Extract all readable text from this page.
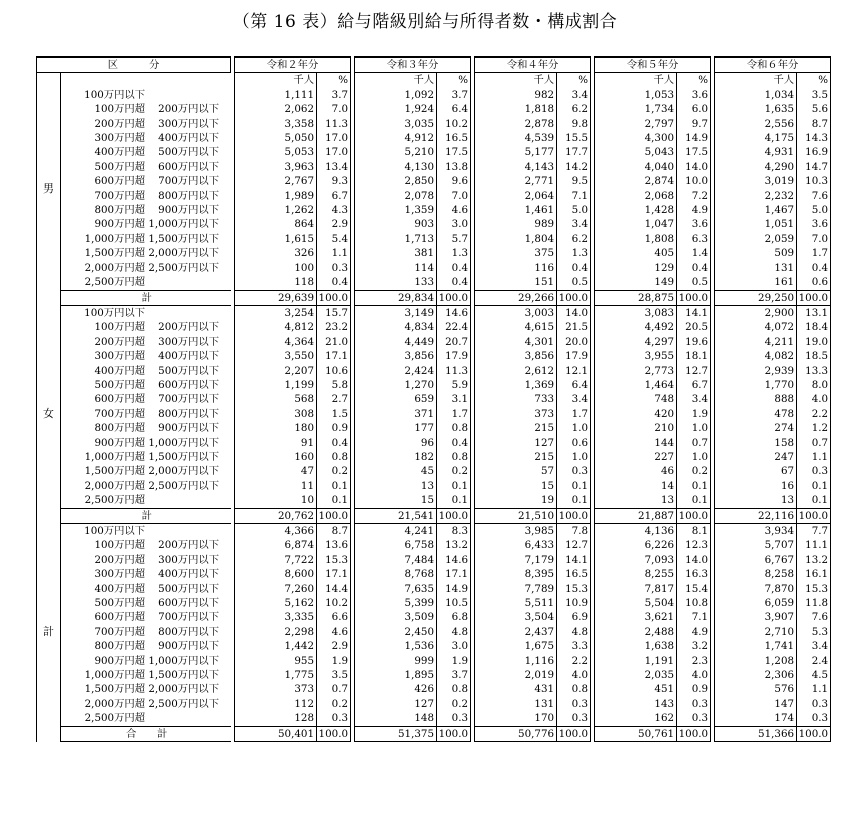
（第 16 表）給与階級別給与所得者数・構成割合
区　　　分			令和２年分			令和３年分			令和４年分			令和５年分			令和６年分	
男			千人	%		千人	%		千人	%		千人	%		千人	%
	100万円以下		1,111	3.7		1,092	3.7		982	3.4		1,053	3.6		1,034	3.5
	100万円超 200万円以下		2,062	7.0		1,924	6.4		1,818	6.2		1,734	6.0		1,635	5.6
	200万円超 300万円以下		3,358	11.3		3,035	10.2		2,878	9.8		2,797	9.7		2,556	8.7
	300万円超 400万円以下		5,050	17.0		4,912	16.5		4,539	15.5		4,300	14.9		4,175	14.3
	400万円超 500万円以下		5,053	17.0		5,210	17.5		5,177	17.7		5,043	17.5		4,931	16.9
	500万円超 600万円以下		3,963	13.4		4,130	13.8		4,143	14.2		4,040	14.0		4,290	14.7
	600万円超 700万円以下		2,767	9.3		2,850	9.6		2,771	9.5		2,874	10.0		3,019	10.3
	700万円超 800万円以下		1,989	6.7		2,078	7.0		2,064	7.1		2,068	7.2		2,232	7.6
	800万円超 900万円以下		1,262	4.3		1,359	4.6		1,461	5.0		1,428	4.9		1,467	5.0
	900万円超 1,000万円以下		864	2.9		903	3.0		989	3.4		1,047	3.6		1,051	3.6
	1,000万円超 1,500万円以下		1,615	5.4		1,713	5.7		1,804	6.2		1,808	6.3		2,059	7.0
	1,500万円超 2,000万円以下		326	1.1		381	1.3		375	1.3		405	1.4		509	1.7
	2,000万円超 2,500万円以下		100	0.3		114	0.4		116	0.4		129	0.4		131	0.4
	2,500万円超		118	0.4		133	0.4		151	0.5		149	0.5		161	0.6
	計		29,639	100.0		29,834	100.0		29,266	100.0		28,875	100.0		29,250	100.0
女	100万円以下		3,254	15.7		3,149	14.6		3,003	14.0		3,083	14.1		2,900	13.1
	100万円超 200万円以下		4,812	23.2		4,834	22.4		4,615	21.5		4,492	20.5		4,072	18.4
	200万円超 300万円以下		4,364	21.0		4,449	20.7		4,301	20.0		4,297	19.6		4,211	19.0
	300万円超 400万円以下		3,550	17.1		3,856	17.9		3,856	17.9		3,955	18.1		4,082	18.5
	400万円超 500万円以下		2,207	10.6		2,424	11.3		2,612	12.1		2,773	12.7		2,939	13.3
	500万円超 600万円以下		1,199	5.8		1,270	5.9		1,369	6.4		1,464	6.7		1,770	8.0
	600万円超 700万円以下		568	2.7		659	3.1		733	3.4		748	3.4		888	4.0
	700万円超 800万円以下		308	1.5		371	1.7		373	1.7		420	1.9		478	2.2
	800万円超 900万円以下		180	0.9		177	0.8		215	1.0		210	1.0		274	1.2
	900万円超 1,000万円以下		91	0.4		96	0.4		127	0.6		144	0.7		158	0.7
	1,000万円超 1,500万円以下		160	0.8		182	0.8		215	1.0		227	1.0		247	1.1
	1,500万円超 2,000万円以下		47	0.2		45	0.2		57	0.3		46	0.2		67	0.3
	2,000万円超 2,500万円以下		11	0.1		13	0.1		15	0.1		14	0.1		16	0.1
	2,500万円超		10	0.1		15	0.1		19	0.1		13	0.1		13	0.1
	計		20,762	100.0		21,541	100.0		21,510	100.0		21,887	100.0		22,116	100.0
計	100万円以下		4,366	8.7		4,241	8.3		3,985	7.8		4,136	8.1		3,934	7.7
	100万円超 200万円以下		6,874	13.6		6,758	13.2		6,433	12.7		6,226	12.3		5,707	11.1
	200万円超 300万円以下		7,722	15.3		7,484	14.6		7,179	14.1		7,093	14.0		6,767	13.2
	300万円超 400万円以下		8,600	17.1		8,768	17.1		8,395	16.5		8,255	16.3		8,258	16.1
	400万円超 500万円以下		7,260	14.4		7,635	14.9		7,789	15.3		7,817	15.4		7,870	15.3
	500万円超 600万円以下		5,162	10.2		5,399	10.5		5,511	10.9		5,504	10.8		6,059	11.8
	600万円超 700万円以下		3,335	6.6		3,509	6.8		3,504	6.9		3,621	7.1		3,907	7.6
	700万円超 800万円以下		2,298	4.6		2,450	4.8		2,437	4.8		2,488	4.9		2,710	5.3
	800万円超 900万円以下		1,442	2.9		1,536	3.0		1,675	3.3		1,638	3.2		1,741	3.4
	900万円超 1,000万円以下		955	1.9		999	1.9		1,116	2.2		1,191	2.3		1,208	2.4
	1,000万円超 1,500万円以下		1,775	3.5		1,895	3.7		2,019	4.0		2,035	4.0		2,306	4.5
	1,500万円超 2,000万円以下		373	0.7		426	0.8		431	0.8		451	0.9		576	1.1
	2,000万円超 2,500万円以下		112	0.2		127	0.2		131	0.3		143	0.3		147	0.3
	2,500万円超		128	0.3		148	0.3		170	0.3		162	0.3		174	0.3
	合　　計		50,401	100.0		51,375	100.0		50,776	100.0		50,761	100.0		51,366	100.0
